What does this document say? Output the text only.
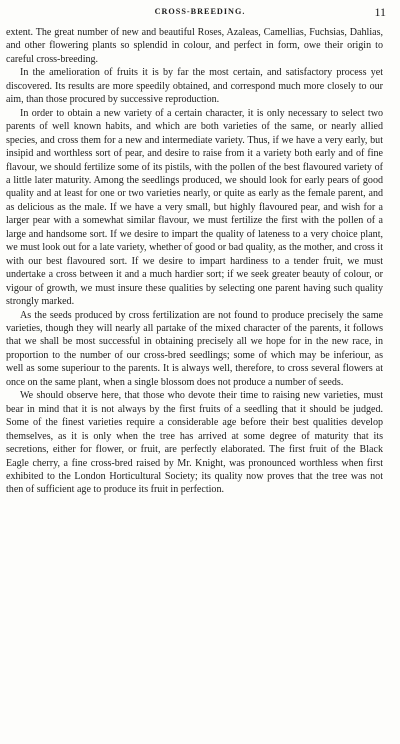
CROSS-BREEDING.	11

extent. The great number of new and beautiful Roses, Azaleas, Camellias, Fuchsias, Dahlias, and other flowering plants so splendid in colour, and perfect in form, owe their origin to careful cross-breeding.

In the amelioration of fruits it is by far the most certain, and satisfactory process yet discovered. Its results are more speedily obtained, and correspond much more closely to our aim, than those procured by successive reproduction.

In order to obtain a new variety of a certain character, it is only necessary to select two parents of well known habits, and which are both varieties of the same, or nearly allied species, and cross them for a new and intermediate variety. Thus, if we have a very early, but insipid and worthless sort of pear, and desire to raise from it a variety both early and of fine flavour, we should fertilize some of its pistils, with the pollen of the best flavoured variety of a little later maturity. Among the seedlings produced, we should look for early pears of good quality and at least for one or two varieties nearly, or quite as early as the female parent, and as delicious as the male. If we have a very small, but highly flavoured pear, and wish for a larger pear with a somewhat similar flavour, we must fertilize the first with the pollen of a large and handsome sort. If we desire to impart the quality of lateness to a very choice plant, we must look out for a late variety, whether of good or bad quality, as the mother, and cross it with our best flavoured sort. If we desire to impart hardiness to a tender fruit, we must undertake a cross between it and a much hardier sort; if we seek greater beauty of colour, or vigour of growth, we must insure these qualities by selecting one parent having such quality strongly marked.

As the seeds produced by cross fertilization are not found to produce precisely the same varieties, though they will nearly all partake of the mixed character of the parents, it follows that we shall be most successful in obtaining precisely all we hope for in the new race, in proportion to the number of our cross-bred seedlings; some of which may be inferiour, as well as some superiour to the parents. It is always well, therefore, to cross several flowers at once on the same plant, when a single blossom does not produce a number of seeds.

We should observe here, that those who devote their time to raising new varieties, must bear in mind that it is not always by the first fruits of a seedling that it should be judged. Some of the finest varieties require a considerable age before their best qualities develop themselves, as it is only when the tree has arrived at some degree of maturity that its secretions, either for flower, or fruit, are perfectly elaborated. The first fruit of the Black Eagle cherry, a fine cross-bred raised by Mr. Knight, was pronounced worthless when first exhibited to the London Horticultural Society; its quality now proves that the tree was not then of sufficient age to produce its fruit in perfection.
